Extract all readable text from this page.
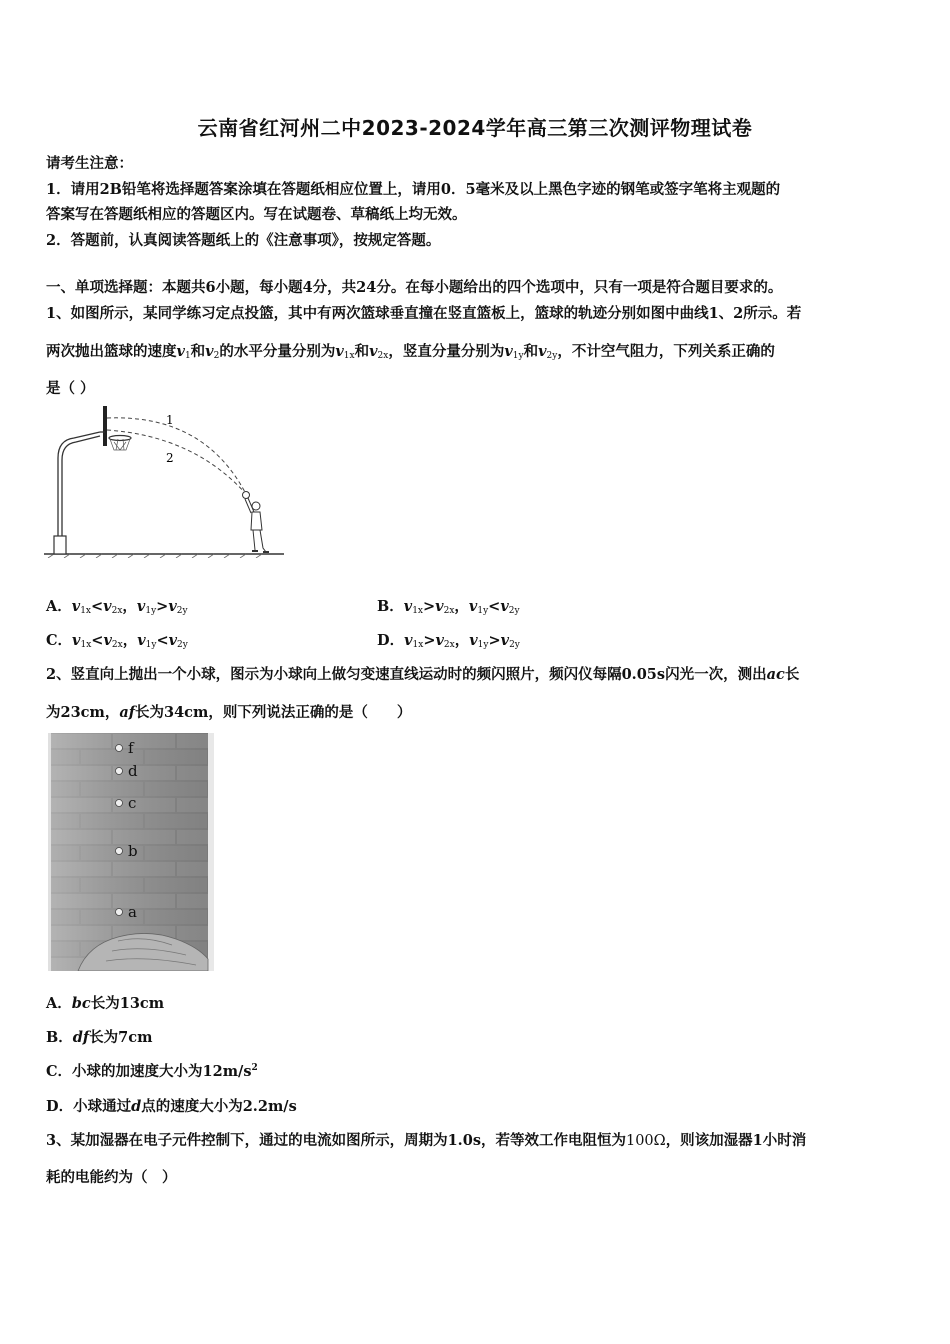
云南省红河州二中2023-2024学年高三第三次测评物理试卷
请考生注意：
1．请用2B铅笔将选择题答案涂填在答题纸相应位置上，请用0．5毫米及以上黑色字迹的钢笔或签字笔将主观题的
答案写在答题纸相应的答题区内。写在试题卷、草稿纸上均无效。
2．答题前，认真阅读答题纸上的《注意事项》，按规定答题。
一、单项选择题：本题共6小题，每小题4分，共24分。在每小题给出的四个选项中，只有一项是符合题目要求的。
1、如图所示，某同学练习定点投篮，其中有两次篮球垂直撞在竖直篮板上，篮球的轨迹分别如图中曲线1、2所示。若
两次抛出篮球的速度$v_1$和$v_2$的水平分量分别为$v_{1x}$和$v_{2x}$，竖直分量分别为$v_{1y}$和$v_{2y}$，不计空气阻力，下列关系正确的
是（ ）
1
2
A．$v_{1x}<v_{2x}$，$v_{1y}>v_{2y}$	B．$v_{1x}>v_{2x}$，$v_{1y}<v_{2y}$
C．$v_{1x}<v_{2x}$，$v_{1y}<v_{2y}$	D．$v_{1x}>v_{2x}$，$v_{1y}>v_{2y}$
2、竖直向上抛出一个小球，图示为小球向上做匀变速直线运动时的频闪照片，频闪仪每隔0.05s闪光一次，测出ac长
为23cm，af长为34cm，则下列说法正确的是（　　）
f
d
c
b
a
A．bc长为13cm
B．df长为7cm
C．小球的加速度大小为$12m/s^2$
D．小球通过d点的速度大小为2.2m/s
3、某加湿器在电子元件控制下，通过的电流如图所示，周期为1.0s，若等效工作电阻恒为100Ω，则该加湿器1小时消
耗的电能约为（　）
